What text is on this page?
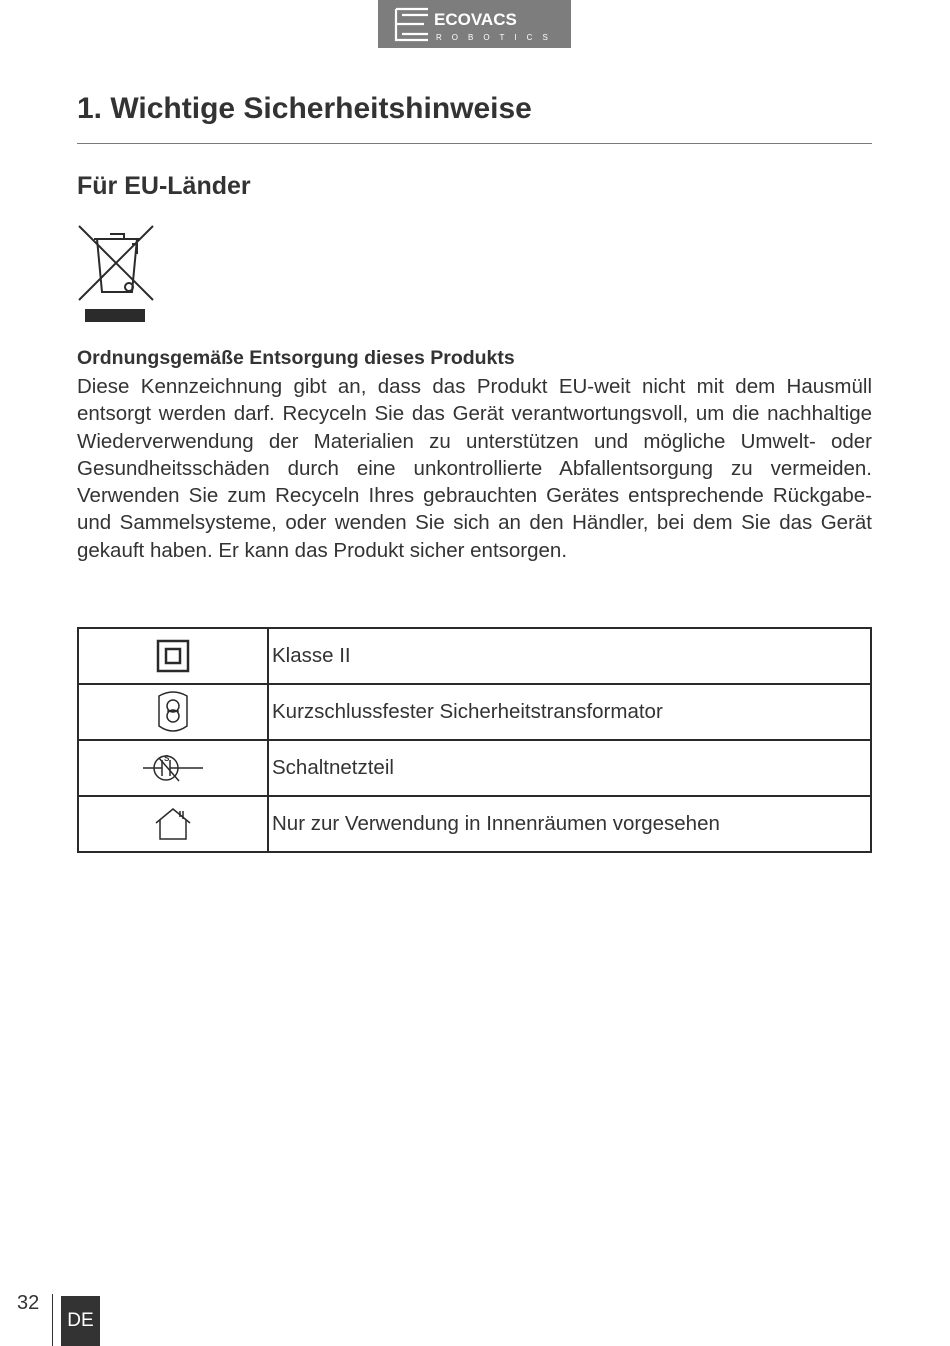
ECOVACS
ROBOTICS
1. Wichtige Sicherheitshinweise
Für EU-Länder

Ordnungsgemäße Entsorgung dieses Produkts

Diese Kennzeichnung gibt an, dass das Produkt EU-weit nicht mit dem Hausmüll entsorgt werden darf. Recyceln Sie das Gerät verantwortungsvoll, um die nachhaltige Wiederverwendung der Materialien zu unterstützen und mögliche Umwelt- oder Gesundheitsschäden durch eine unkontrollierte Abfallentsorgung zu vermeiden. Verwenden Sie zum Recyceln Ihres gebrauchten Gerätes entsprechende Rückgabe- und Sammelsysteme, oder wenden Sie sich an den Händler, bei dem Sie das Gerät gekauft haben. Er kann das Produkt sicher entsorgen.

	Klasse II
	Kurzschlussfester Sicherheitstransformator

S	Schaltnetzteil
	Nur zur Verwendung in Innenräumen vorgesehen
32
DE
